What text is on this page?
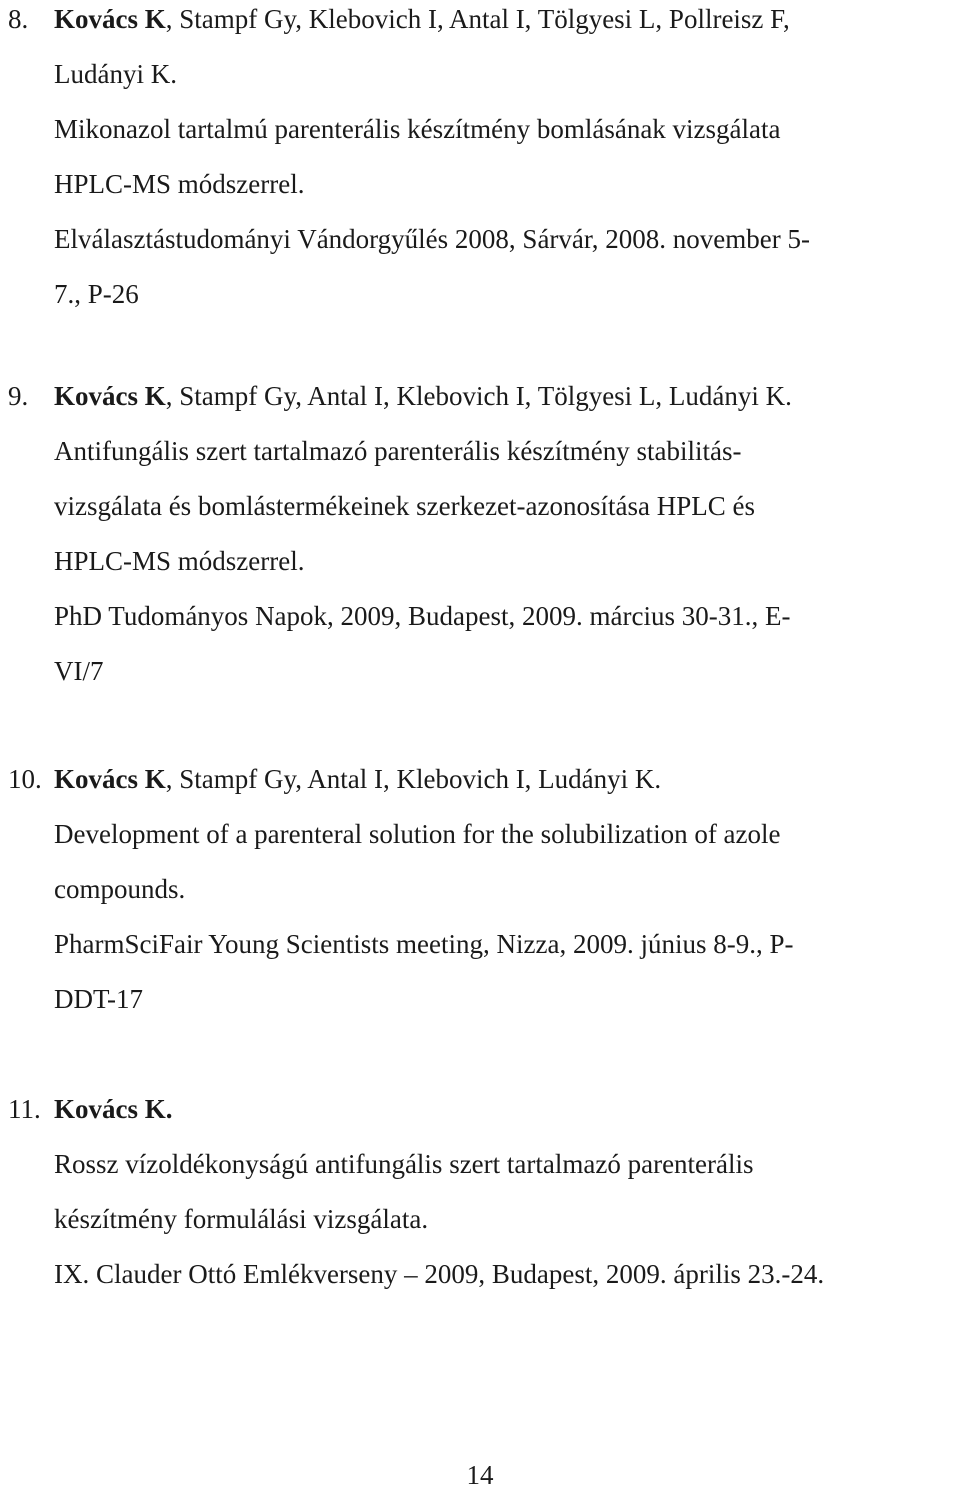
8. Kovács K, Stampf Gy, Klebovich I, Antal I, Tölgyesi L, Pollreisz F,
Ludányi K.
Mikonazol tartalmú parenterális készítmény bomlásának vizsgálata
HPLC-MS módszerrel.
Elválasztástudományi Vándorgyűlés 2008, Sárvár, 2008. november 5-
7., P-26
9. Kovács K, Stampf Gy, Antal I, Klebovich I, Tölgyesi L, Ludányi K.
Antifungális szert tartalmazó parenterális készítmény stabilitás-
vizsgálata és bomlástermékeinek szerkezet-azonosítása HPLC és
HPLC-MS módszerrel.
PhD Tudományos Napok, 2009, Budapest, 2009. március 30-31., E-
VI/7
10. Kovács K, Stampf Gy, Antal I, Klebovich I, Ludányi K.
Development of a parenteral solution for the solubilization of azole
compounds.
PharmSciFair Young Scientists meeting, Nizza, 2009. június 8-9., P-
DDT-17
11. Kovács K.
Rossz vízoldékonyságú antifungális szert tartalmazó parenterális
készítmény formulálási vizsgálata.
IX. Clauder Ottó Emlékverseny – 2009, Budapest, 2009. április 23.-24.
14
